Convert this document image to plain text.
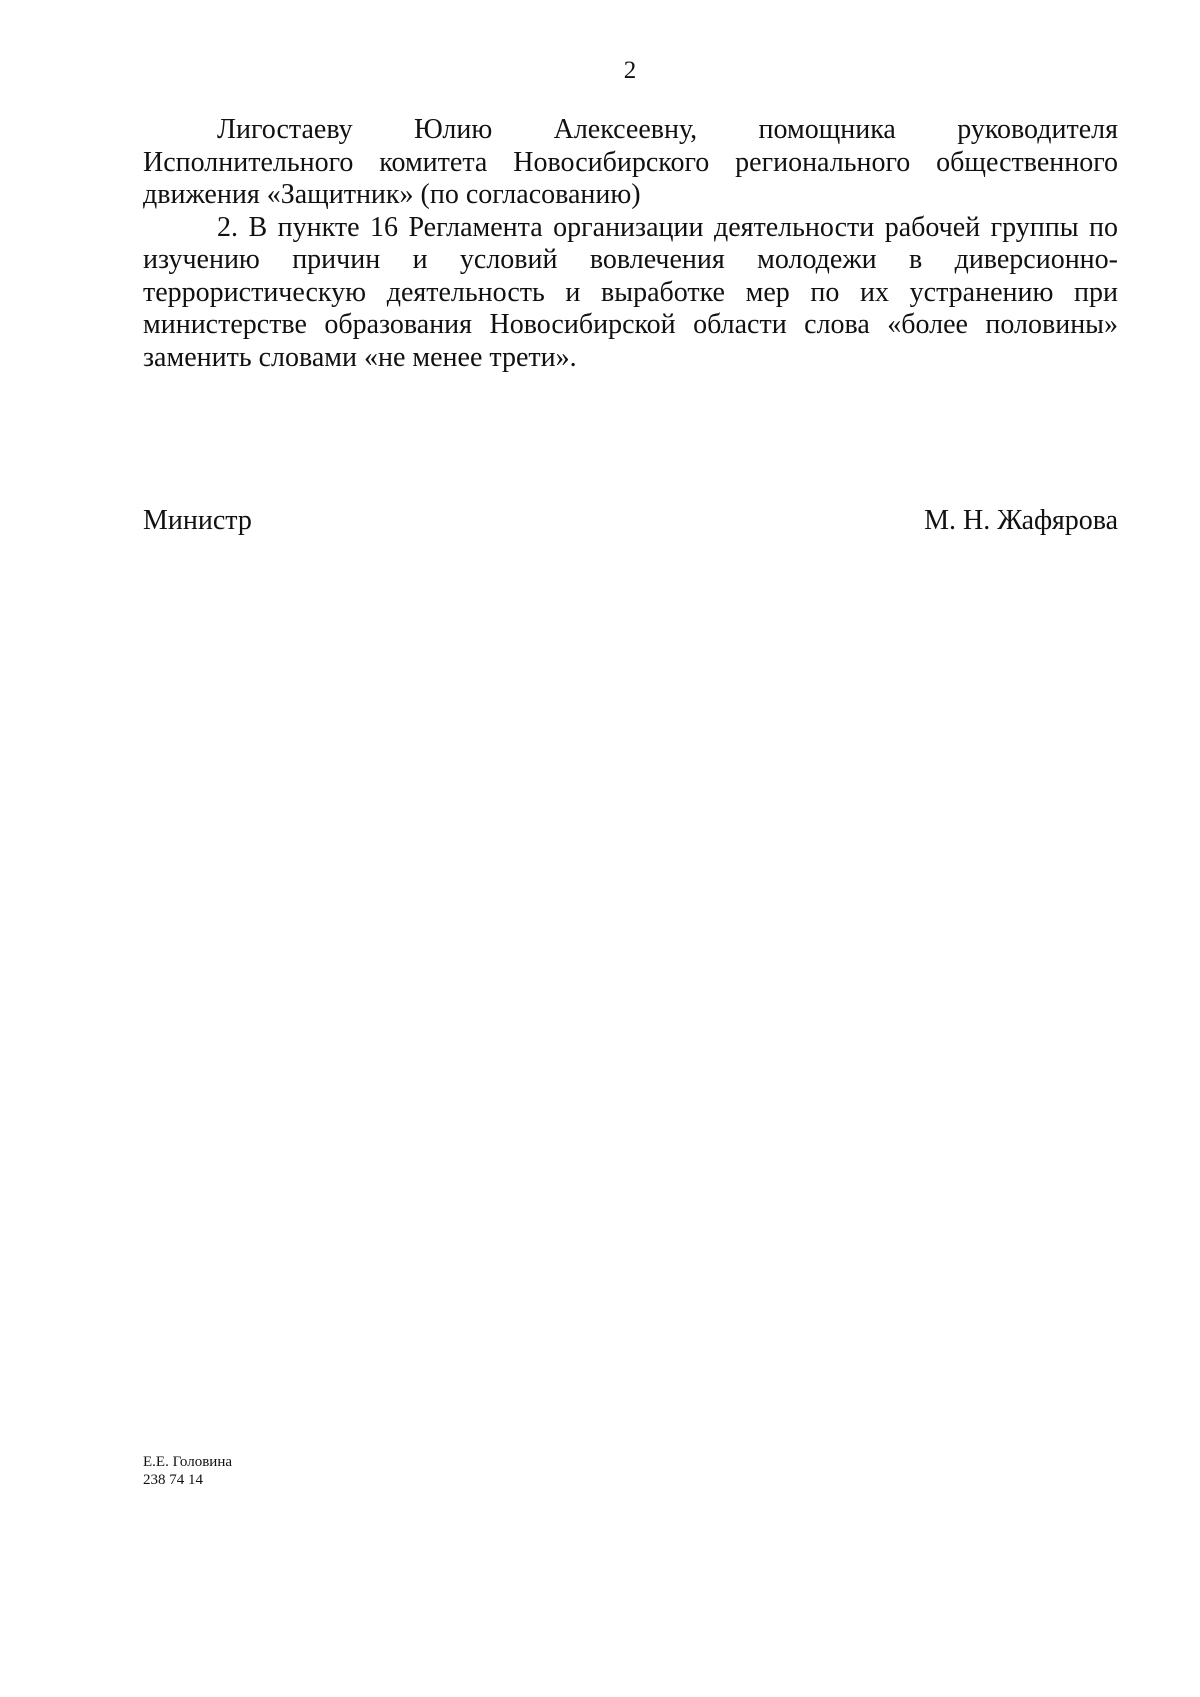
2

Лигостаеву Юлию Алексеевну, помощника руководителя

Исполнительного комитета Новосибирского регионального общественного
движения «Защитник» (по согласованию)

2. В пункте 16 Регламента организации деятельности рабочей группы по изучению причин и условий вовлечения молодежи в диверсионно-террористическую деятельность и выработке мер по их устранению при министерстве образования Новосибирской области слова «более половины» заменить словами «не менее трети».

Министр	М. Н. Жафярова
Е.Е. Головина
238 74 14
